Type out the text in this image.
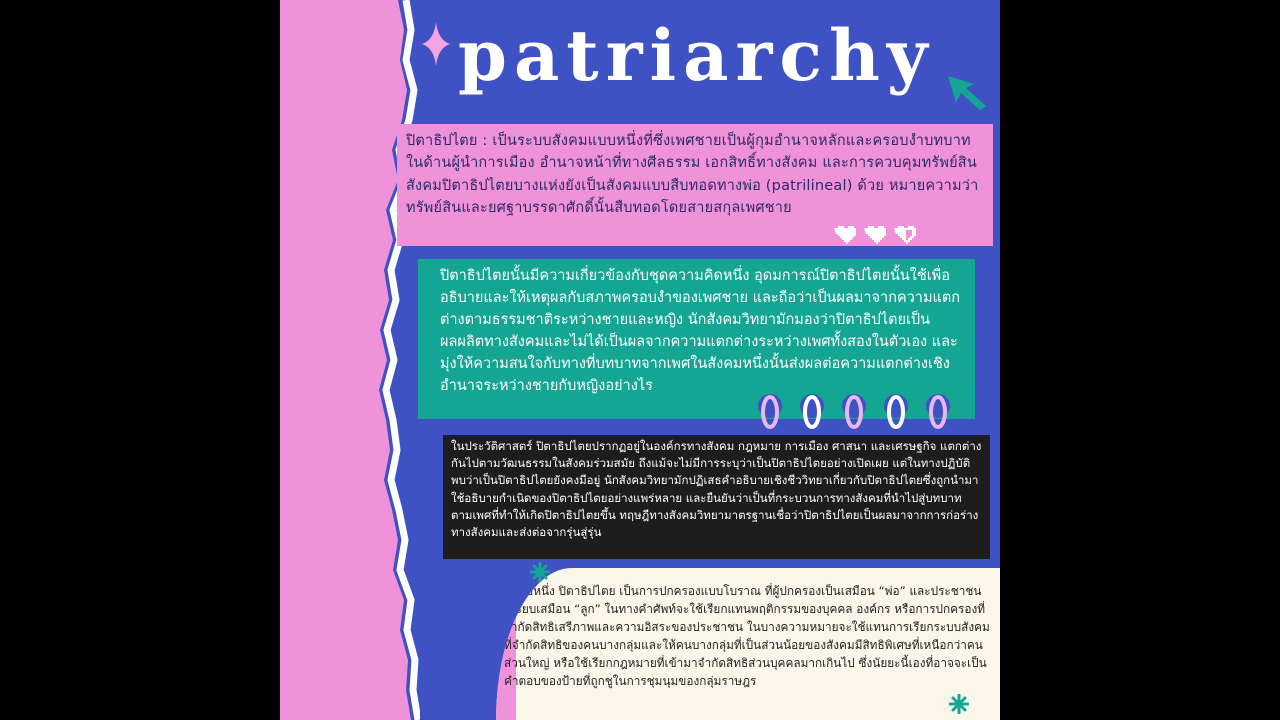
patriarchy
ปิตาธิปไตย : เป็นระบบสังคมแบบหนึ่งที่ซึ่งเพศชายเป็นผู้กุมอำนาจหลักและครอบงำบทบาทในด้านผู้นำการเมือง อำนาจหน้าที่ทางศีลธรรม เอกสิทธิ์ทางสังคม และการควบคุมทรัพย์สิน สังคมปิตาธิปไตยบางแห่งยังเป็นสังคมแบบสืบทอดทางพ่อ (patrilineal) ด้วย หมายความว่า ทรัพย์สินและยศฐาบรรดาศักดิ์นั้นสืบทอดโดยสายสกุลเพศชาย
ปิตาธิปไตยนั้นมีความเกี่ยวข้องกับชุดความคิดหนึ่ง อุดมการณ์ปิตาธิปไตยนั้นใช้เพื่ออธิบายและให้เหตุผลกับสภาพครอบงำของเพศชาย และถือว่าเป็นผลมาจากความแตกต่างตามธรรมชาติระหว่างชายและหญิง นักสังคมวิทยามักมองว่าปิตาธิปไตยเป็นผลผลิตทางสังคมและไม่ได้เป็นผลจากความแตกต่างระหว่างเพศทั้งสองในตัวเอง และมุ่งให้ความสนใจกับทางที่บทบาทจากเพศในสังคมหนึ่งนั้นส่งผลต่อความแตกต่างเชิงอำนาจระหว่างชายกับหญิงอย่างไร
ในประวัติศาสตร์ ปิตาธิปไตยปรากฏอยู่ในองค์กรทางสังคม กฎหมาย การเมือง ศาสนา และเศรษฐกิจ แตกต่างกันไปตามวัฒนธรรมในสังคมร่วมสมัย ถึงแม้จะไม่มีการระบุว่าเป็นปิตาธิปไตยอย่างเปิดเผย แต่ในทางปฏิบัติพบว่าเป็นปิตาธิปไตยยังคงมีอยู่ นักสังคมวิทยามักปฏิเสธคำอธิบายเชิงชีววิทยาเกี่ยวกับปิตาธิปไตยซึ่งถูกนำมาใช้อธิบายกำเนิดของปิตาธิปไตยอย่างแพร่หลาย และยืนยันว่าเป็นที่กระบวนการทางสังคมที่นำไปสู่บทบาทตามเพศที่ทำให้เกิดปิตาธิปไตยขึ้น ทฤษฎีทางสังคมวิทยามาตรฐานเชื่อว่าปิตาธิปไตยเป็นผลมาจากการก่อร่างทางสังคมและส่งต่อจากรุ่นสู่รุ่น

อีกนัยหนึ่ง ปิตาธิปไตย เป็นการปกครองแบบโบราณ ที่ผู้ปกครองเป็นเสมือน “พ่อ” และประชาชนเปรียบเสมือน “ลูก” ในทางคำศัพท์จะใช้เรียกแทนพฤติกรรมของบุคคล องค์กร หรือการปกครองที่จำกัดสิทธิเสรีภาพและความอิสระของประชาชน ในบางความหมายจะใช้แทนการเรียกระบบสังคมที่จำกัดสิทธิของคนบางกลุ่มและให้คนบางกลุ่มที่เป็นส่วนน้อยของสังคมมีสิทธิพิเศษที่เหนือกว่าคนส่วนใหญ่ หรือใช้เรียกกฎหมายที่เข้ามาจำกัดสิทธิส่วนบุคคลมากเกินไป ซึ่งนัยยะนี้เองที่อาจจะเป็นคำตอบของป้ายที่ถูกชูในการชุมนุมของกลุ่มราษฎร
